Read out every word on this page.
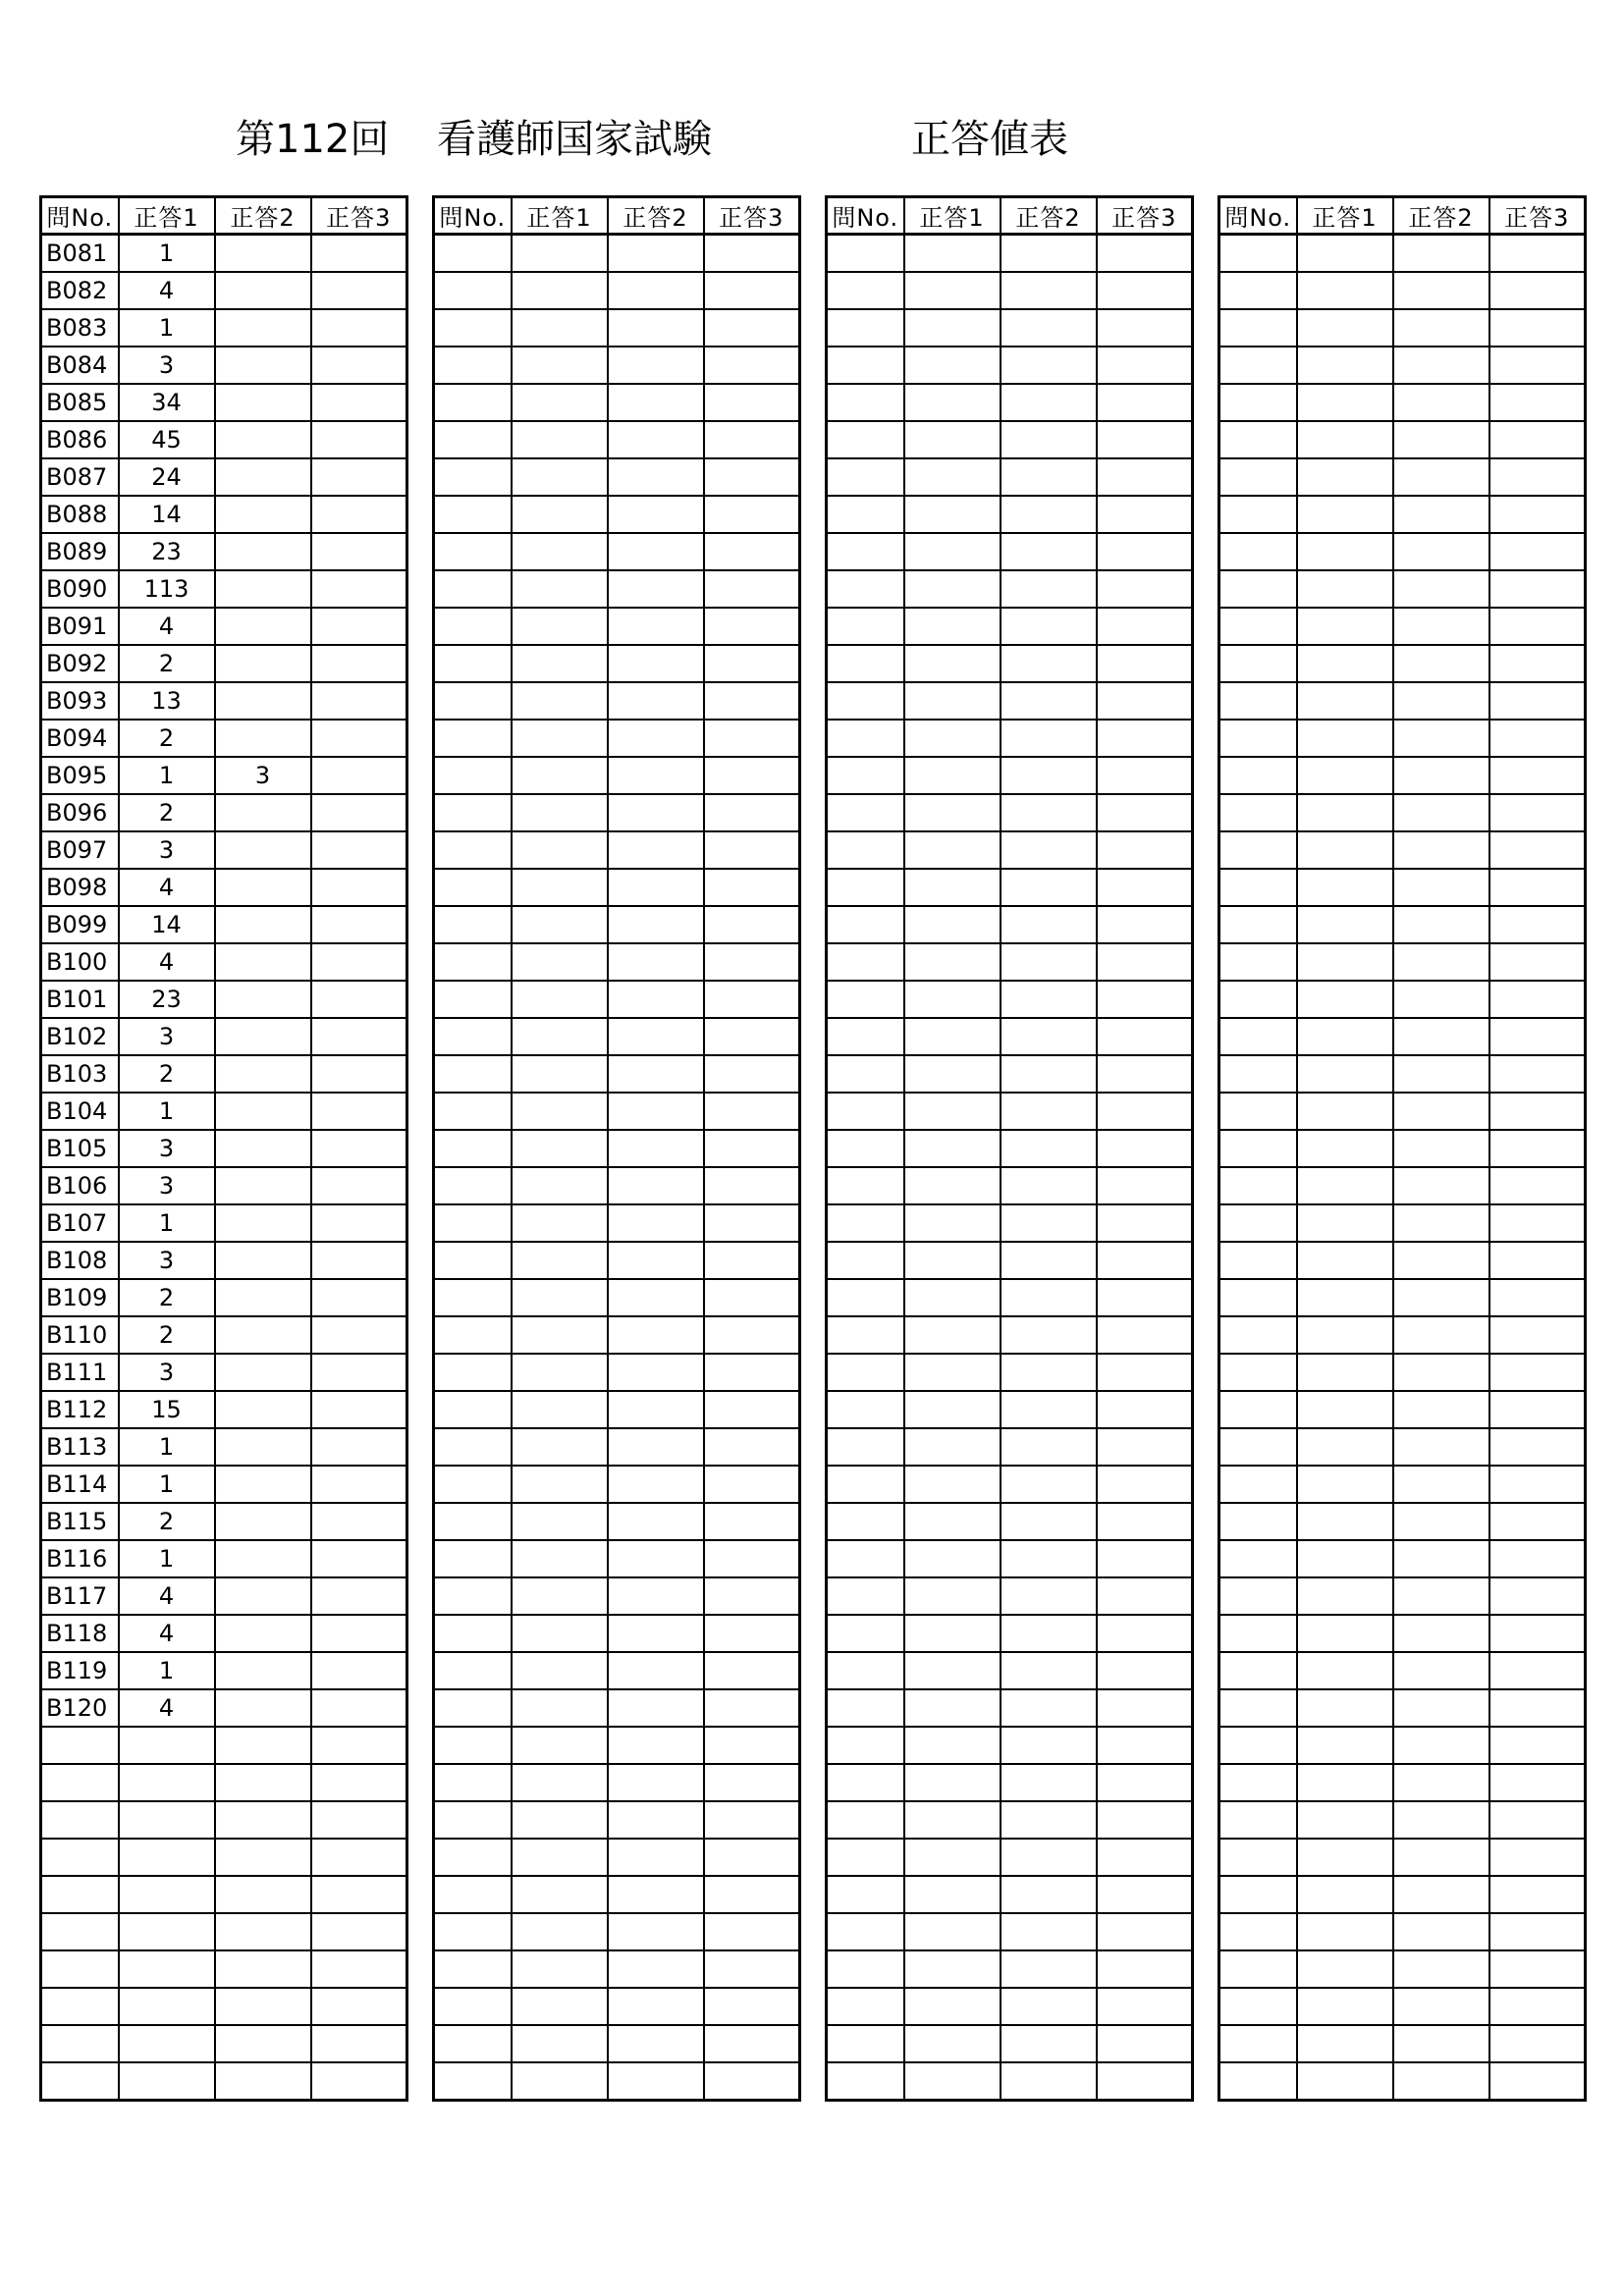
第112回 看護師国家試験	正答値表
問No.	正答1	正答2	正答3
B081	1		
B082	4		
B083	1		
B084	3		
B085	34		
B086	45		
B087	24		
B088	14		
B089	23		
B090	113		
B091	4		
B092	2		
B093	13		
B094	2		
B095	1	3	
B096	2		
B097	3		
B098	4		
B099	14		
B100	4		
B101	23		
B102	3		
B103	2		
B104	1		
B105	3		
B106	3		
B107	1		
B108	3		
B109	2		
B110	2		
B111	3		
B112	15		
B113	1		
B114	1		
B115	2		
B116	1		
B117	4		
B118	4		
B119	1		
B120	4		

問No.	正答1	正答2	正答3

			問No.	正答1	正答2	正答3

			問No.	正答1	正答2	正答3
